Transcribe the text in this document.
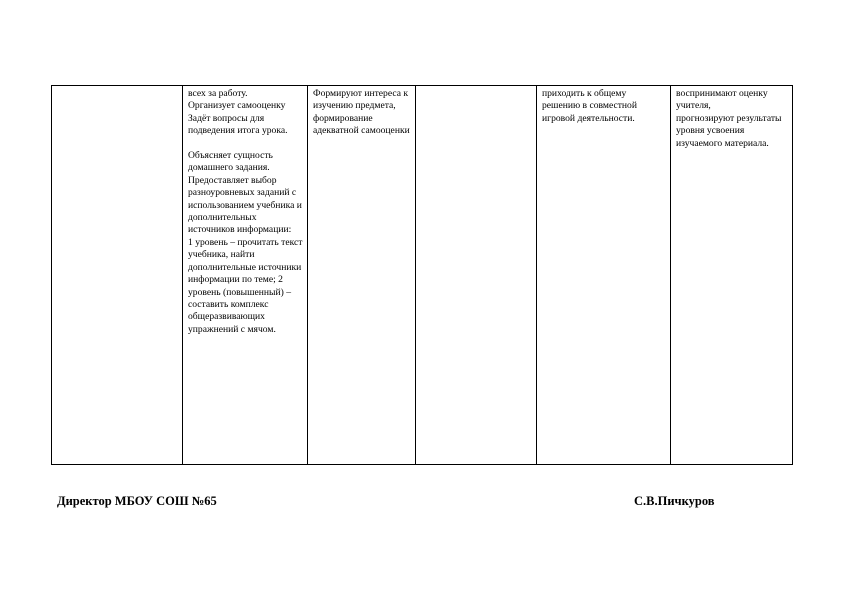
	всех за работу.
Организует самооценку
Задёт вопросы для подведения итога урока.

Объясняет сущность домашнего задания.
Предоставляет выбор разноуровневых заданий с использованием учебника и дополнительных источников информации:
1 уровень – прочитать текст учебника, найти дополнительные источники информации по теме; 2 уровень (повышенный) – составить комплекс общеразвивающих упражнений с мячом.	Формируют интереса к изучению предмета, формирование адекватной самооценки		приходить к общему решению в совместной игровой деятельности.	воспринимают оценку учителя,
прогнозируют результаты уровня усвоения изучаемого материала.
Директор МБОУ СОШ №65	С.В.Пичкуров
